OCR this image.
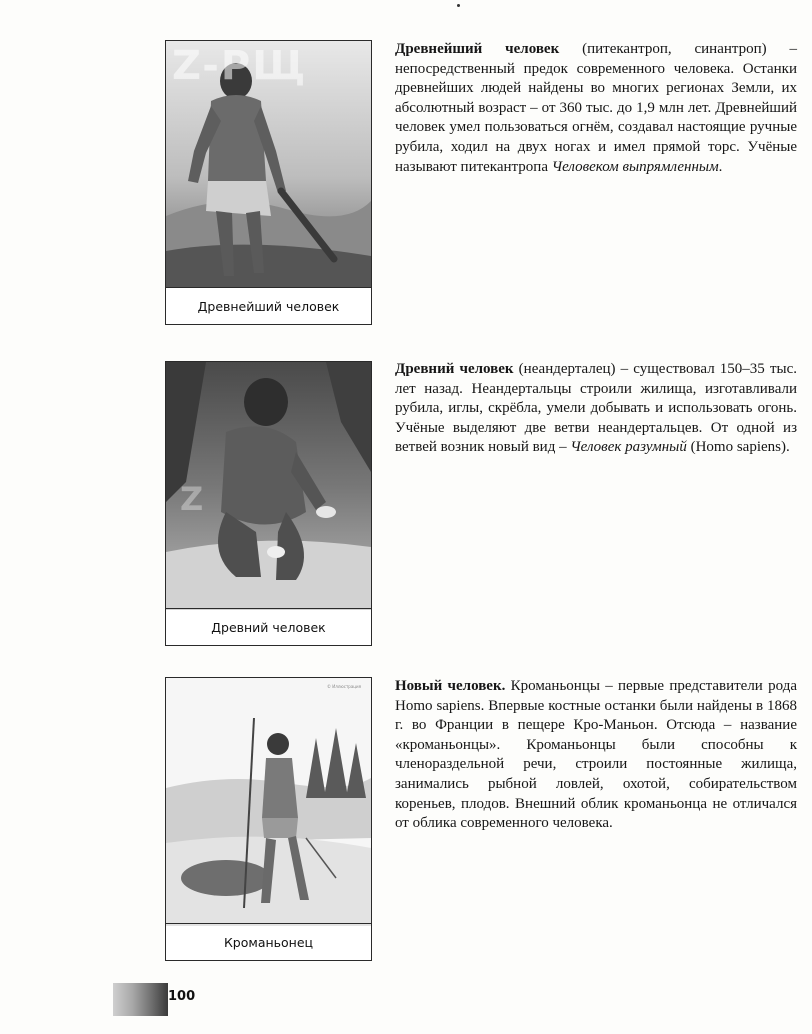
Z-PЩ
Древнейший человек
Z
Древний человек
© Иллюстрация
Кроманьонец
Древнейший человек (питекантроп, синантроп) – непосредственный предок современного человека. Останки древнейших людей найдены во многих регионах Земли, их абсолютный возраст – от 360 тыс. до 1,9 млн лет. Древнейший человек умел пользоваться огнём, создавал настоящие ручные рубила, ходил на двух ногах и имел прямой торс. Учёные называют питекантропа Человеком выпрямленным.
Древний человек (неандерталец) – существовал 150–35 тыс. лет назад. Неандертальцы строили жилища, изготавливали рубила, иглы, скрёбла, умели добывать и использовать огонь. Учёные выделяют две ветви неандертальцев. От одной из ветвей возник новый вид – Человек разумный (Homo sapiens).
Новый человек. Кроманьонцы – первые представители рода Homo sapiens. Впервые костные останки были найдены в 1868 г. во Франции в пещере Кро-Маньон. Отсюда – название «кроманьонцы». Кроманьонцы были способны к членораздельной речи, строили постоянные жилища, занимались рыбной ловлей, охотой, собирательством кореньев, плодов. Внешний облик кроманьонца не отличался от облика современного человека.
100
